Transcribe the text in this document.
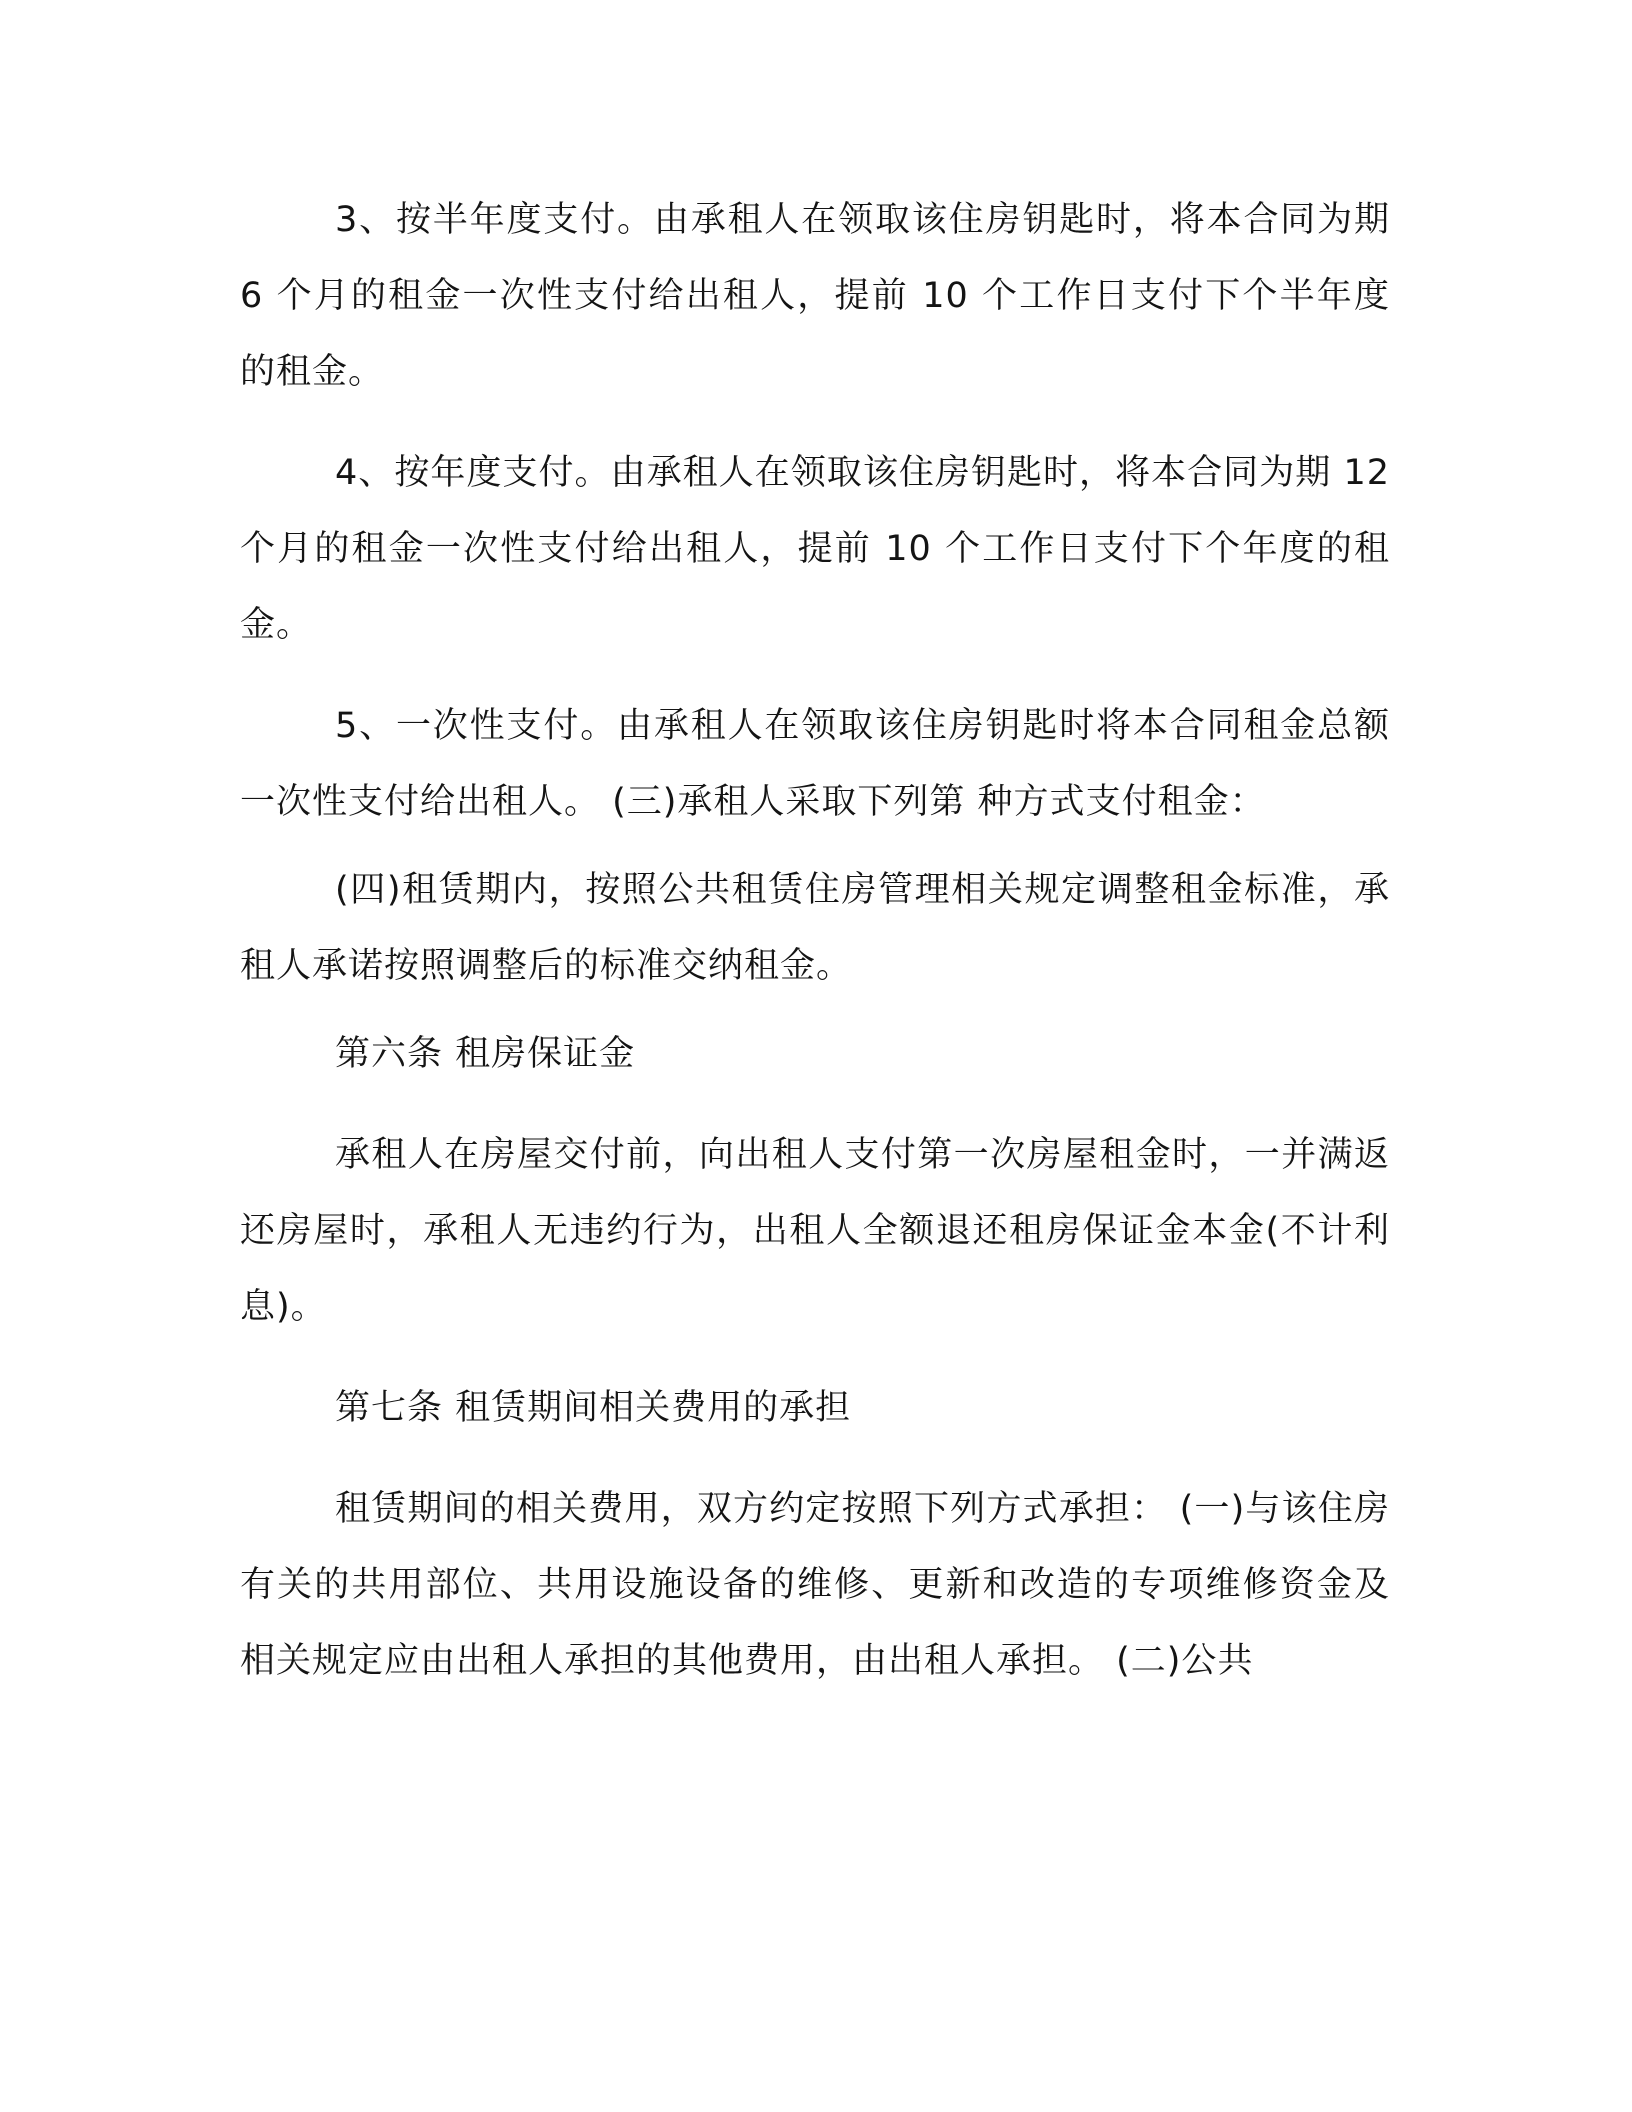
3、按半年度支付。由承租人在领取该住房钥匙时，将本合同为期 6 个月的租金一次性支付给出租人，提前 10 个工作日支付下个半年度的租金。

4、按年度支付。由承租人在领取该住房钥匙时，将本合同为期 12 个月的租金一次性支付给出租人，提前 10 个工作日支付下个年度的租金。

5、一次性支付。由承租人在领取该住房钥匙时将本合同租金总额一次性支付给出租人。 (三)承租人采取下列第 种方式支付租金：

(四)租赁期内，按照公共租赁住房管理相关规定调整租金标准，承租人承诺按照调整后的标准交纳租金。

第六条 租房保证金

承租人在房屋交付前，向出租人支付第一次房屋租金时，一并满返还房屋时，承租人无违约行为，出租人全额退还租房保证金本金(不计利息)。

第七条 租赁期间相关费用的承担

租赁期间的相关费用，双方约定按照下列方式承担： (一)与该住房有关的共用部位、共用设施设备的维修、更新和改造的专项维修资金及相关规定应由出租人承担的其他费用，由出租人承担。 (二)公共
